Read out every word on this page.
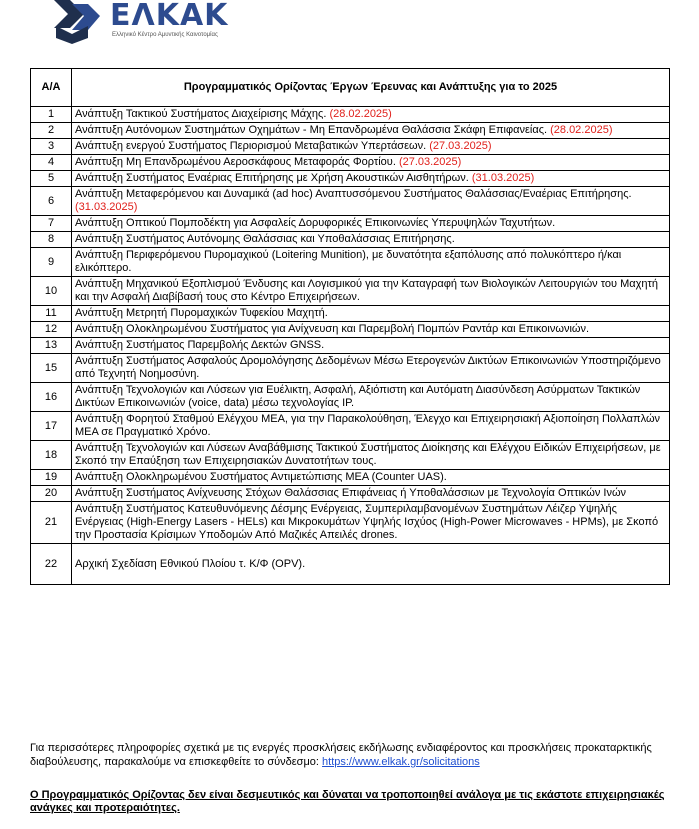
ΕΛΚΑΚ
Ελληνικό Κέντρο Αμυντικής Καινοτομίας
Α/Α	Προγραμματικός Ορίζοντας Έργων Έρευνας και Ανάπτυξης για το 2025
1	Ανάπτυξη Τακτικού Συστήματος Διαχείρισης Μάχης. (28.02.2025)
2	Ανάπτυξη Αυτόνομων Συστημάτων Οχημάτων - Μη Επανδρωμένα Θαλάσσια Σκάφη Επιφανείας. (28.02.2025)
3	Ανάπτυξη ενεργού Συστήματος Περιορισμού Μεταβατικών Υπερτάσεων. (27.03.2025)
4	Ανάπτυξη Μη Επανδρωμένου Αεροσκάφους Μεταφοράς Φορτίου. (27.03.2025)
5	Ανάπτυξη Συστήματος Εναέριας Επιτήρησης με Χρήση Ακουστικών Αισθητήρων. (31.03.2025)
6	Ανάπτυξη Μεταφερόμενου και Δυναμικά (ad hoc) Αναπτυσσόμενου Συστήματος Θαλάσσιας/Εναέριας Επιτήρησης. (31.03.2025)
7	Ανάπτυξη Οπτικού Πομποδέκτη για Ασφαλείς Δορυφορικές Επικοινωνίες Υπερυψηλών Ταχυτήτων.
8	Ανάπτυξη Συστήματος Αυτόνομης Θαλάσσιας και Υποθαλάσσιας Επιτήρησης.
9	Ανάπτυξη Περιφερόμενου Πυρομαχικού (Loitering Munition), με δυνατότητα εξαπόλυσης από πολυκόπτερο ή/και ελικόπτερο.
10	Ανάπτυξη Μηχανικού Εξοπλισμού Ένδυσης και Λογισμικού για την Καταγραφή των Βιολογικών Λειτουργιών του Μαχητή και την Ασφαλή Διαβίβασή τους στο Κέντρο Επιχειρήσεων.
11	Ανάπτυξη Μετρητή Πυρομαχικών Τυφεκίου Μαχητή.
12	Ανάπτυξη Ολοκληρωμένου Συστήματος για Ανίχνευση και Παρεμβολή Πομπών Ραντάρ και Επικοινωνιών.
13	Ανάπτυξη Συστήματος Παρεμβολής Δεκτών GNSS.
15	Ανάπτυξη Συστήματος Ασφαλούς Δρομολόγησης Δεδομένων Μέσω Ετερογενών Δικτύων Επικοινωνιών Υποστηριζόμενο από Τεχνητή Νοημοσύνη.
16	Ανάπτυξη Τεχνολογιών και Λύσεων για Ευέλικτη, Ασφαλή, Αξιόπιστη και Αυτόματη Διασύνδεση Ασύρματων Τακτικών Δικτύων Επικοινωνιών (voice, data) μέσω τεχνολογίας IP.
17	Ανάπτυξη Φορητού Σταθμού Ελέγχου ΜΕΑ, για την Παρακολούθηση, Έλεγχο και Επιχειρησιακή Αξιοποίηση Πολλαπλών ΜΕΑ σε Πραγματικό Χρόνο.
18	Ανάπτυξη Τεχνολογιών και Λύσεων Αναβάθμισης Τακτικού Συστήματος Διοίκησης και Ελέγχου Ειδικών Επιχειρήσεων, με Σκοπό την Επαύξηση των Επιχειρησιακών Δυνατοτήτων τους.
19	Ανάπτυξη Ολοκληρωμένου Συστήματος Αντιμετώπισης ΜΕΑ (Counter UAS).
20	Ανάπτυξη Συστήματος Ανίχνευσης Στόχων Θαλάσσιας Επιφάνειας ή Υποθαλάσσιων με Τεχνολογία Οπτικών Ινών
21	Ανάπτυξη Συστήματος Κατευθυνόμενης Δέσμης Ενέργειας, Συμπεριλαμβανομένων Συστημάτων Λέιζερ Υψηλής Ενέργειας (High-Energy Lasers - HELs) και Μικροκυμάτων Υψηλής Ισχύος (High-Power Microwaves - HPMs), με Σκοπό την Προστασία Κρίσιμων Υποδομών Από Μαζικές Απειλές drones.
22	Αρχική Σχεδίαση Εθνικού Πλοίου τ. Κ/Φ (OPV).
Για περισσότερες πληροφορίες σχετικά με τις ενεργές προσκλήσεις εκδήλωσης ενδιαφέροντος και προσκλήσεις προκαταρκτικής διαβούλευσης, παρακαλούμε να επισκεφθείτε το σύνδεσμο: https://www.elkak.gr/solicitations
Ο Προγραμματικός Ορίζοντας δεν είναι δεσμευτικός και δύναται να τροποποιηθεί ανάλογα με τις εκάστοτε επιχειρησιακές ανάγκες και προτεραιότητες.
